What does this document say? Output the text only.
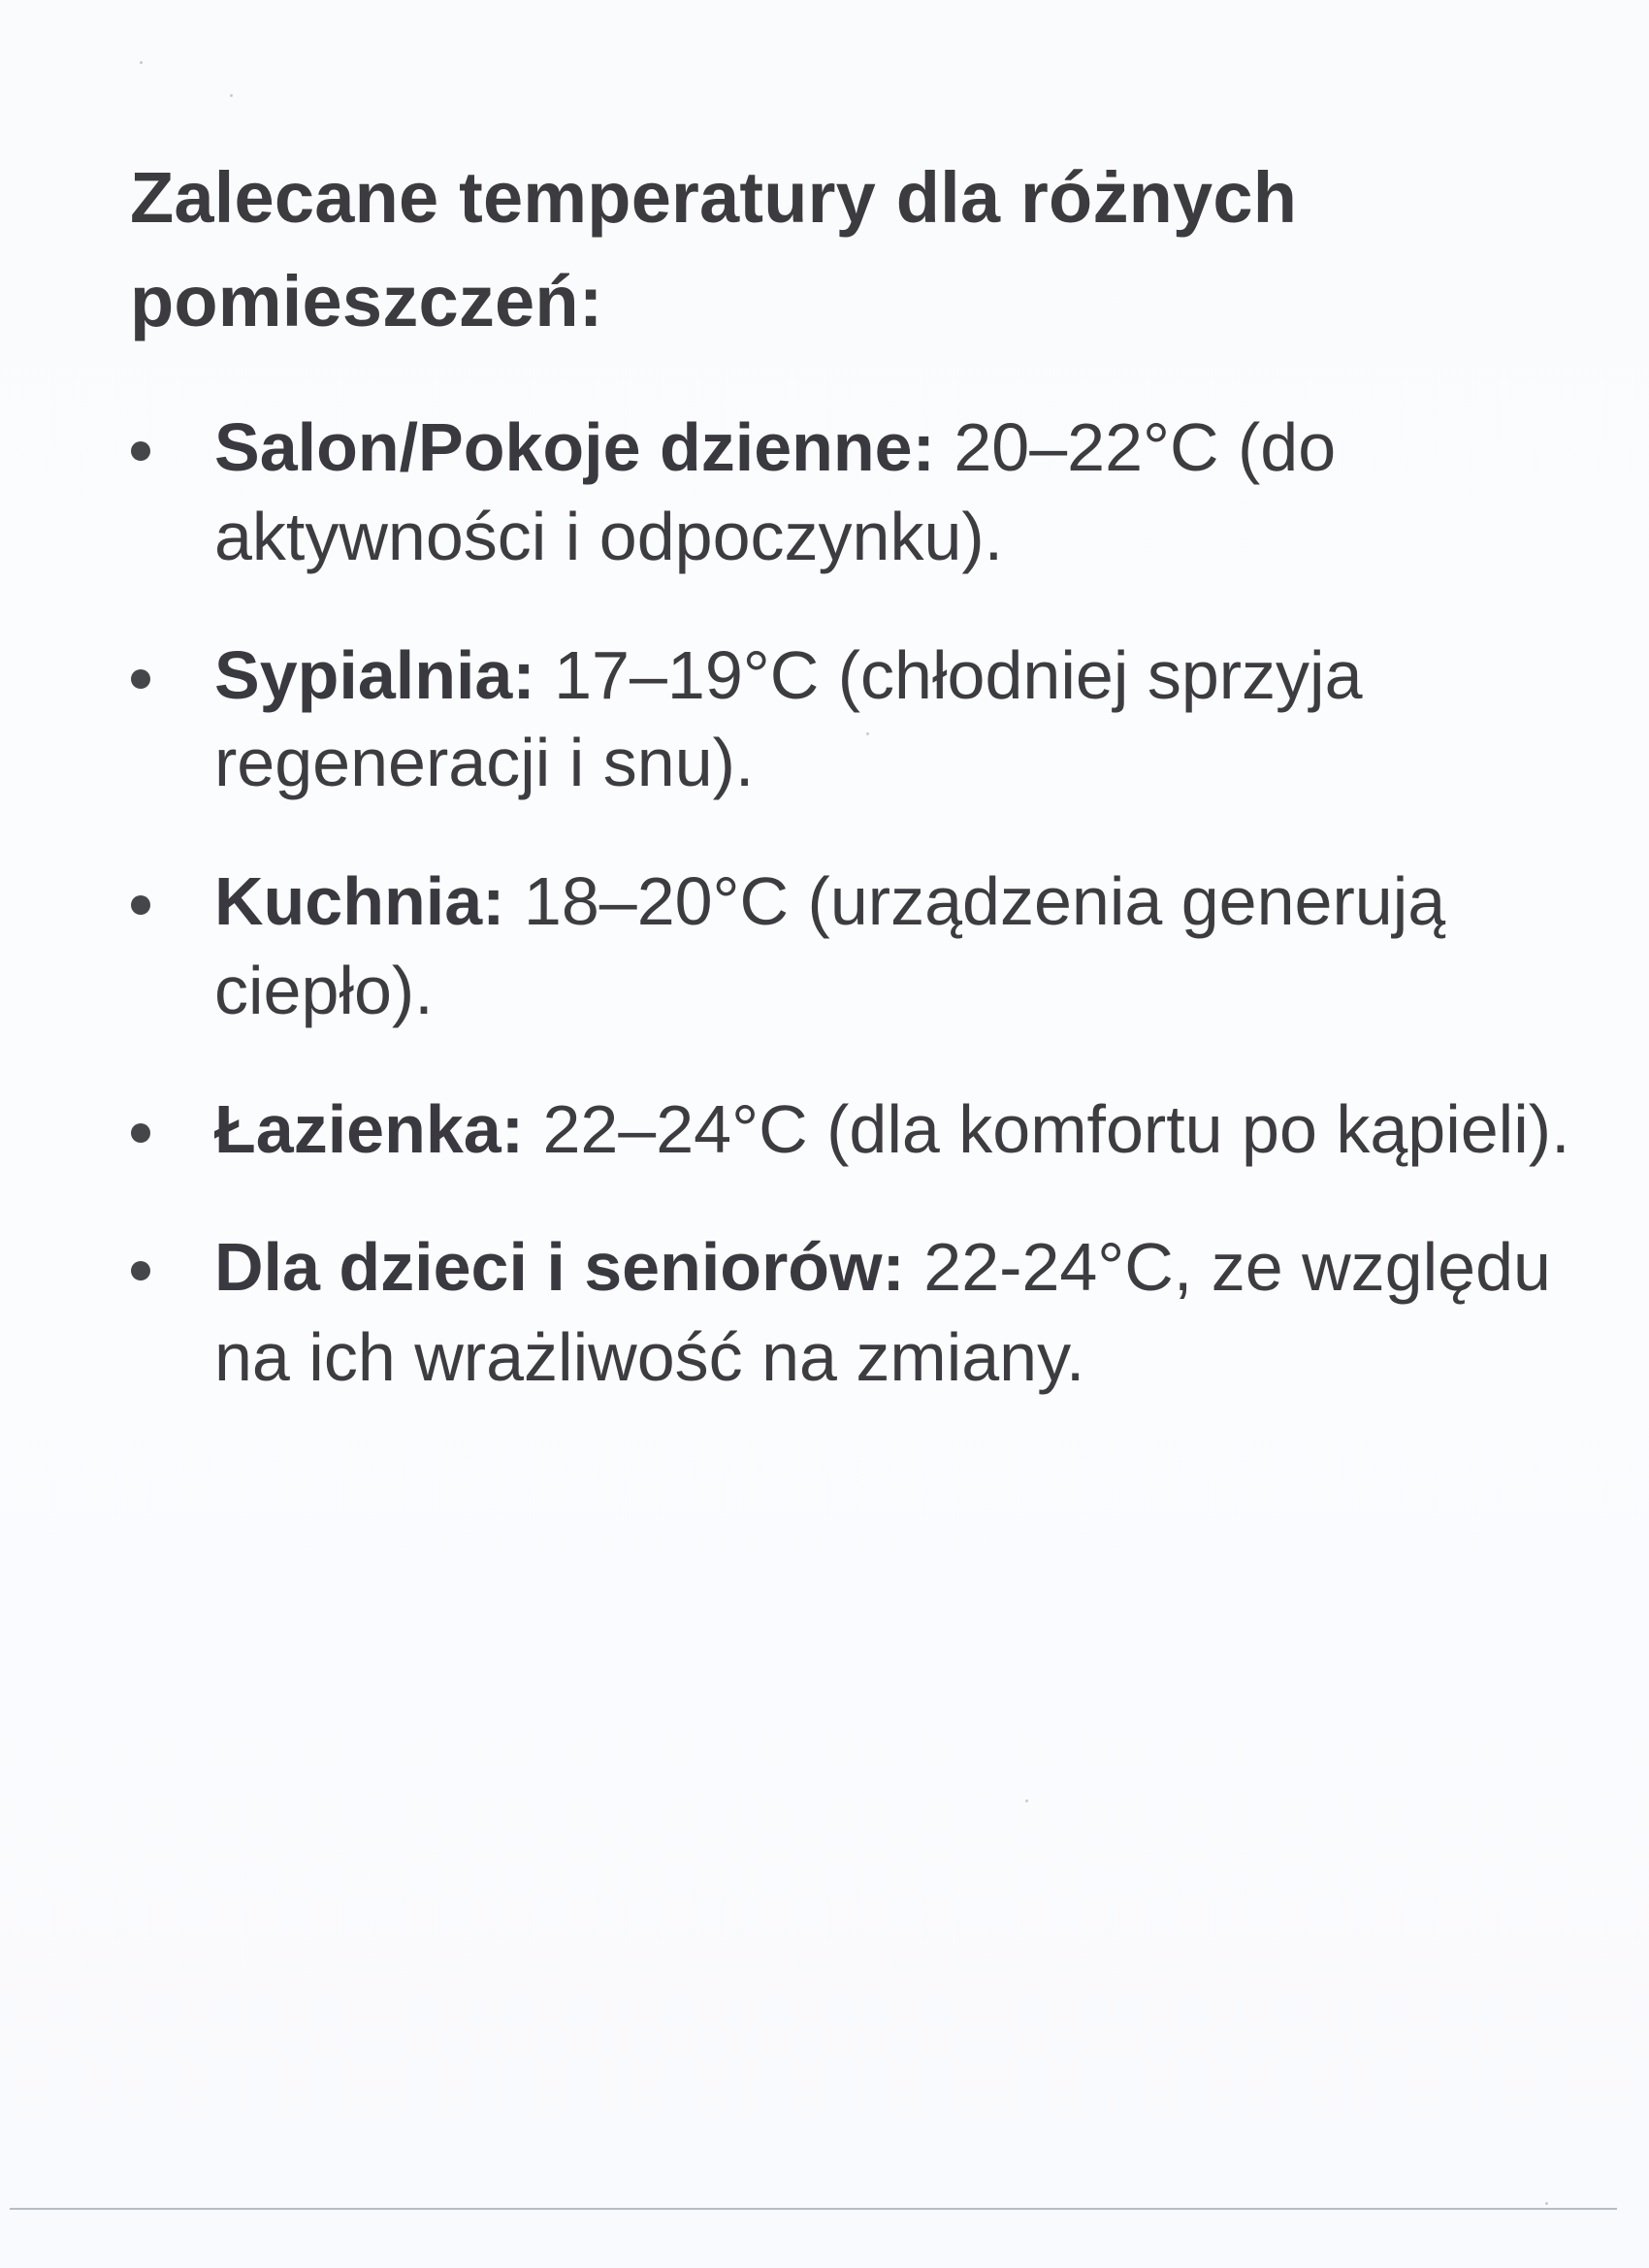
Zalecane temperatury dla różnych
pomieszczeń:
Salon/Pokoje dzienne: 20–22°C (do
aktywności i odpoczynku).
Sypialnia: 17–19°C (chłodniej sprzyja
regeneracji i snu).
Kuchnia: 18–20°C (urządzenia generują
ciepło).
Łazienka: 22–24°C (dla komfortu po kąpieli).
Dla dzieci i seniorów: 22-24°C, ze względu
na ich wrażliwość na zmiany.
